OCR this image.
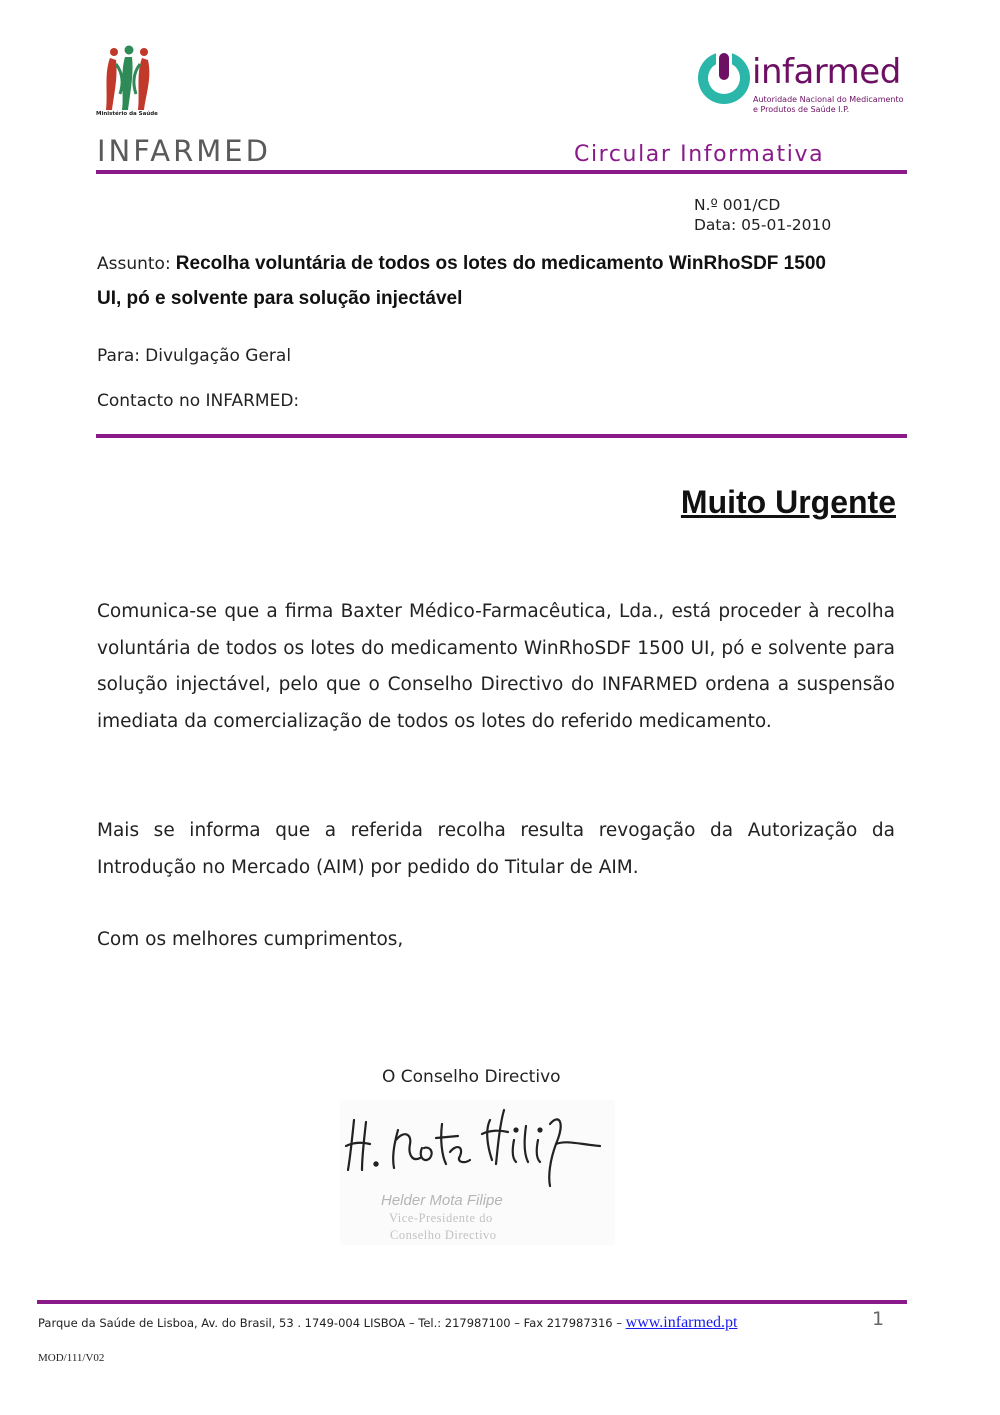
Ministério da Saúde
infarmed
Autoridade Nacional do Medicamento
e Produtos de Saúde I.P.
INFARMED	Circular Informativa
N.º 001/CD
Data: 05-01-2010
Assunto: Recolha voluntária de todos os lotes do medicamento WinRhoSDF 1500
UI, pó e solvente para solução injectável
Para: Divulgação Geral
Contacto no INFARMED:
Muito Urgente
Comunica-se que a firma Baxter Médico-Farmacêutica, Lda., está proceder à recolha voluntária de todos os lotes do medicamento WinRhoSDF 1500 UI, pó e solvente para solução injectável, pelo que o Conselho Directivo do INFARMED ordena a suspensão imediata da comercialização de todos os lotes do referido medicamento.
Mais se informa que a referida recolha resulta revogação da Autorização da Introdução no Mercado (AIM) por pedido do Titular de AIM.
Com os melhores cumprimentos,
O Conselho Directivo
Helder Mota Filipe
Vice-Presidente do
Conselho Directivo
Parque da Saúde de Lisboa, Av. do Brasil, 53 . 1749-004 LISBOA – Tel.: 217987100 – Fax 217987316 – www.infarmed.pt	1
MOD/111/V02
